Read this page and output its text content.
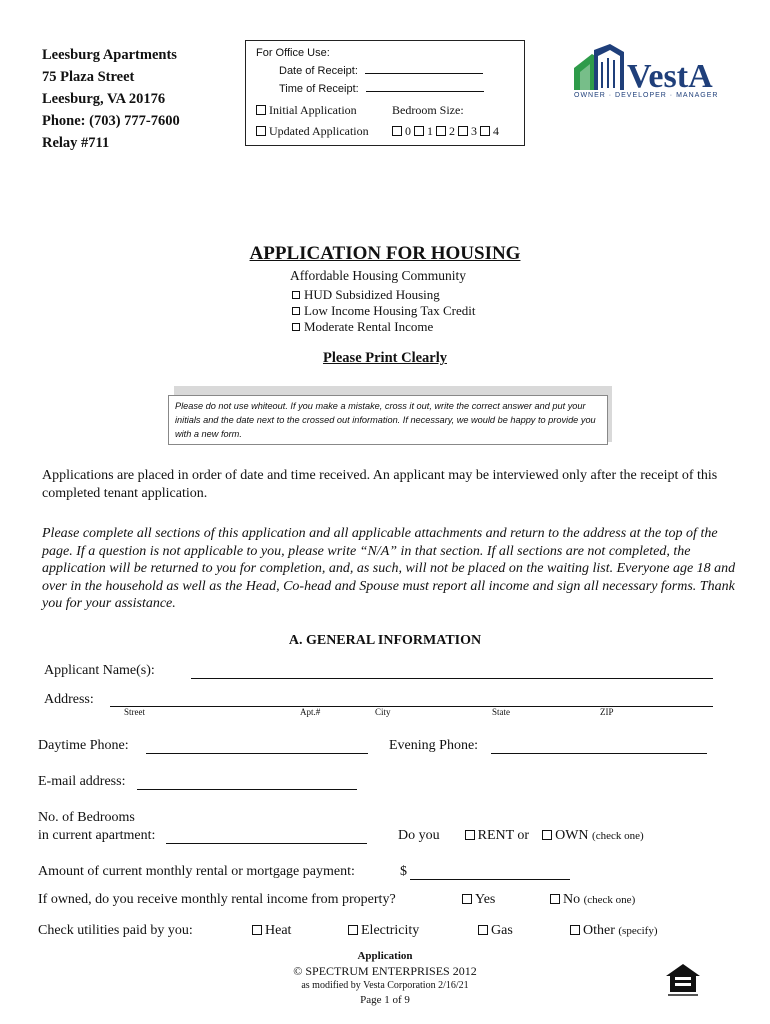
Leesburg Apartments
75 Plaza Street
Leesburg, VA 20176
Phone: (703) 777-7600
Relay #711
For Office Use:
Date of Receipt:
Time of Receipt:
Initial Application	Bedroom Size:
Updated Application	0 1 2 3 4
VestA
OWNER · DEVELOPER · MANAGER
APPLICATION FOR HOUSING
Affordable Housing Community
HUD Subsidized Housing
Low Income Housing Tax Credit
Moderate Rental Income
Please Print Clearly
Please do not use whiteout. If you make a mistake, cross it out, write the correct answer and put your initials and the date next to the crossed out information. If necessary, we would be happy to provide you with a new form.
Applications are placed in order of date and time received. An applicant may be interviewed only after the receipt of this completed tenant application.
Please complete all sections of this application and all applicable attachments and return to the address at the top of the page. If a question is not applicable to you, please write “N/A” in that section. If all sections are not completed, the application will be returned to you for completion, and, as such, will not be placed on the waiting list. Everyone age 18 and over in the household as well as the Head, Co-head and Spouse must report all income and sign all necessary forms. Thank you for your assistance.
A. GENERAL INFORMATION
Applicant Name(s):
Address:
Street	Apt.#	City	State	ZIP
Daytime Phone:	Evening Phone:
E-mail address:
No. of Bedrooms
in current apartment:	Do you	RENT or OWN (check one)
Amount of current monthly rental or mortgage payment:	$
If owned, do you receive monthly rental income from property?	Yes	No (check one)
Check utilities paid by you:	Heat	Electricity	Gas	Other (specify)
Application
© SPECTRUM ENTERPRISES 2012
as modified by Vesta Corporation 2/16/21
Page 1 of 9
